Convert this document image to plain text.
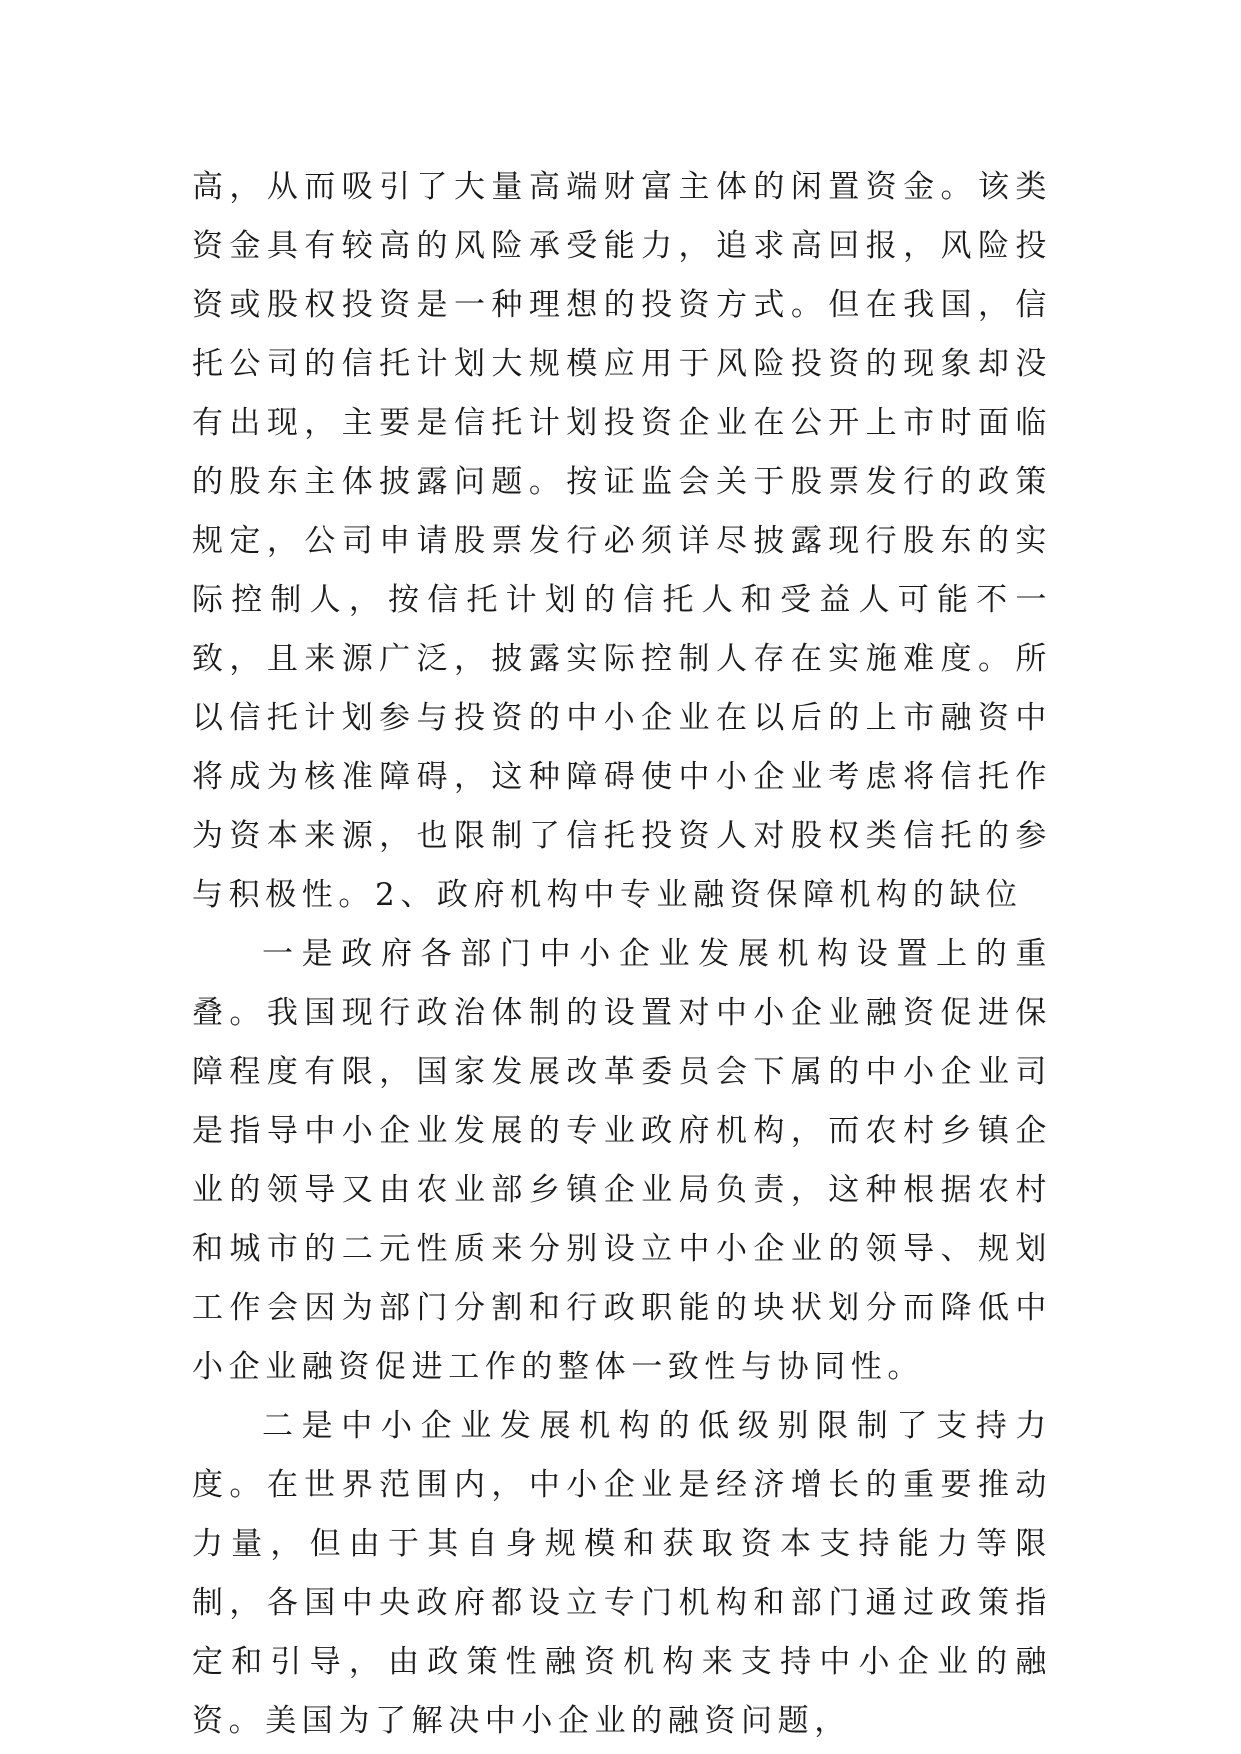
高，从而吸引了大量高端财富主体的闲置资金。该类资金具有较高的风险承受能力，追求高回报，风险投资或股权投资是一种理想的投资方式。但在我国，信托公司的信托计划大规模应用于风险投资的现象却没有出现，主要是信托计划投资企业在公开上市时面临的股东主体披露问题。按证监会关于股票发行的政策规定，公司申请股票发行必须详尽披露现行股东的实际控制人，按信托计划的信托人和受益人可能不一致，且来源广泛，披露实际控制人存在实施难度。所以信托计划参与投资的中小企业在以后的上市融资中将成为核准障碍，这种障碍使中小企业考虑将信托作为资本来源，也限制了信托投资人对股权类信托的参与积极性。2、政府机构中专业融资保障机构的缺位

一是政府各部门中小企业发展机构设置上的重叠。我国现行政治体制的设置对中小企业融资促进保障程度有限，国家发展改革委员会下属的中小企业司是指导中小企业发展的专业政府机构，而农村乡镇企业的领导又由农业部乡镇企业局负责，这种根据农村和城市的二元性质来分别设立中小企业的领导、规划工作会因为部门分割和行政职能的块状划分而降低中小企业融资促进工作的整体一致性与协同性。

二是中小企业发展机构的低级别限制了支持力度。在世界范围内，中小企业是经济增长的重要推动力量，但由于其自身规模和获取资本支持能力等限制，各国中央政府都设立专门机构和部门通过政策指定和引导，由政策性融资机构来支持中小企业的融资。美国为了解决中小企业的融资问题，
